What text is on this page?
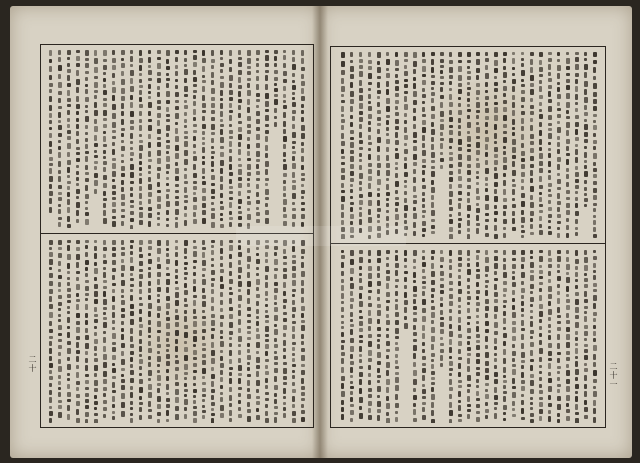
二十	二十一
